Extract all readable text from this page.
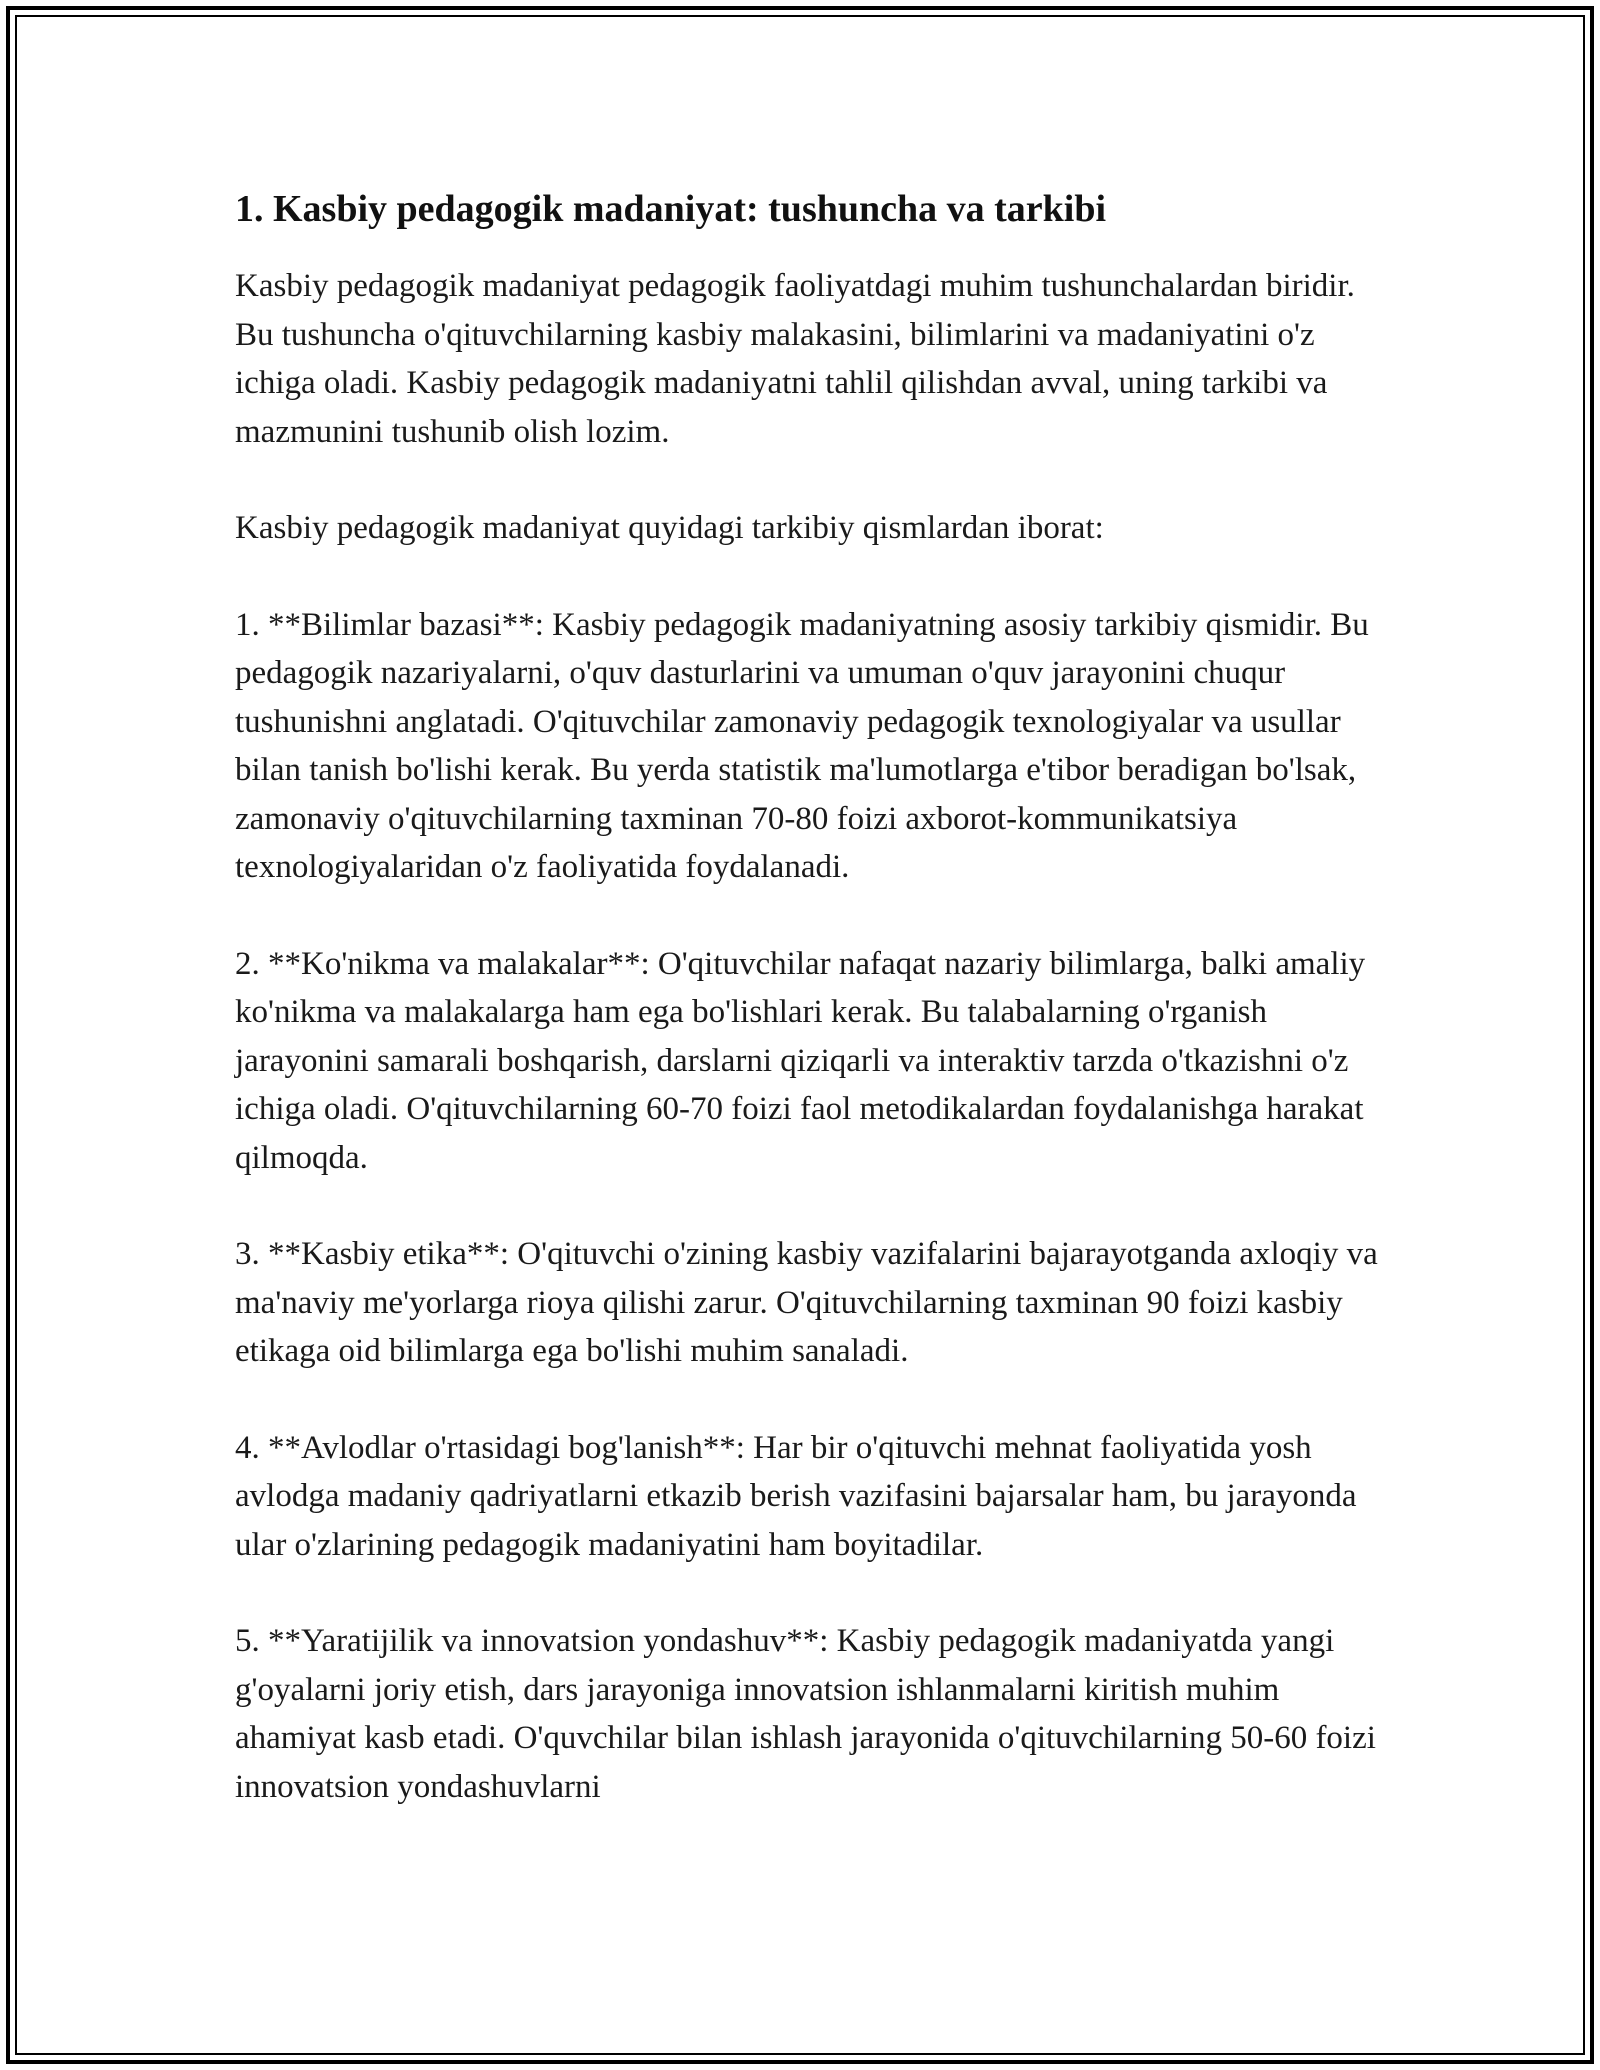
1. Kasbiy pedagogik madaniyat: tushuncha va tarkibi

Kasbiy pedagogik madaniyat pedagogik faoliyatdagi muhim tushunchalardan biridir. Bu tushuncha o'qituvchilarning kasbiy malakasini, bilimlarini va madaniyatini o'z ichiga oladi. Kasbiy pedagogik madaniyatni tahlil qilishdan avval, uning tarkibi va mazmunini tushunib olish lozim.

Kasbiy pedagogik madaniyat quyidagi tarkibiy qismlardan iborat:

1. **Bilimlar bazasi**: Kasbiy pedagogik madaniyatning asosiy tarkibiy qismidir. Bu pedagogik nazariyalarni, o'quv dasturlarini va umuman o'quv jarayonini chuqur tushunishni anglatadi. O'qituvchilar zamonaviy pedagogik texnologiyalar va usullar bilan tanish bo'lishi kerak. Bu yerda statistik ma'lumotlarga e'tibor beradigan bo'lsak, zamonaviy o'qituvchilarning taxminan 70-80 foizi axborot-kommunikatsiya texnologiyalaridan o'z faoliyatida foydalanadi.

2. **Ko'nikma va malakalar**: O'qituvchilar nafaqat nazariy bilimlarga, balki amaliy ko'nikma va malakalarga ham ega bo'lishlari kerak. Bu talabalarning o'rganish jarayonini samarali boshqarish, darslarni qiziqarli va interaktiv tarzda o'tkazishni o'z ichiga oladi. O'qituvchilarning 60-70 foizi faol metodikalardan foydalanishga harakat qilmoqda.

3. **Kasbiy etika**: O'qituvchi o'zining kasbiy vazifalarini bajarayotganda axloqiy va ma'naviy me'yorlarga rioya qilishi zarur. O'qituvchilarning taxminan 90 foizi kasbiy etikaga oid bilimlarga ega bo'lishi muhim sanaladi.

4. **Avlodlar o'rtasidagi bog'lanish**: Har bir o'qituvchi mehnat faoliyatida yosh avlodga madaniy qadriyatlarni etkazib berish vazifasini bajarsalar ham, bu jarayonda ular o'zlarining pedagogik madaniyatini ham boyitadilar.

5. **Yaratijilik va innovatsion yondashuv**: Kasbiy pedagogik madaniyatda yangi g'oyalarni joriy etish, dars jarayoniga innovatsion ishlanmalarni kiritish muhim ahamiyat kasb etadi. O'quvchilar bilan ishlash jarayonida o'qituvchilarning 50-60 foizi innovatsion yondashuvlarni
